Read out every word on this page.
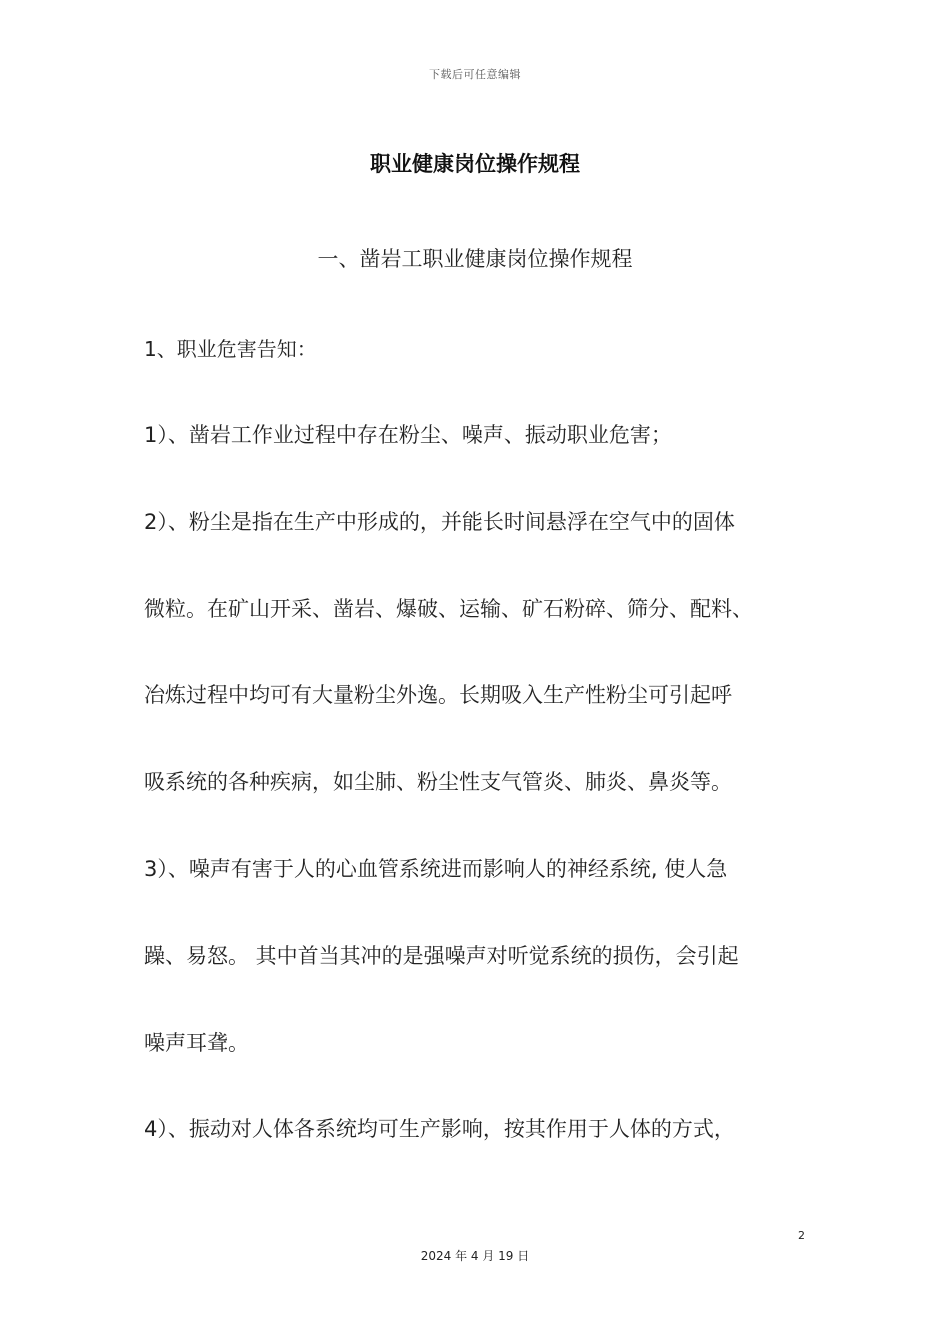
下载后可任意编辑
职业健康岗位操作规程
一、凿岩工职业健康岗位操作规程
1、职业危害告知：
1）、凿岩工作业过程中存在粉尘、噪声、振动职业危害；
2）、粉尘是指在生产中形成的，并能长时间悬浮在空气中的固体
微粒。在矿山开采、凿岩、爆破、运输、矿石粉碎、筛分、配料、
冶炼过程中均可有大量粉尘外逸。长期吸入生产性粉尘可引起呼
吸系统的各种疾病，如尘肺、粉尘性支气管炎、肺炎、鼻炎等。
3）、噪声有害于人的心血管系统进而影响人的神经系统, 使人急
躁、易怒。 其中首当其冲的是强噪声对听觉系统的损伤，会引起
噪声耳聋。
4）、振动对人体各系统均可生产影响，按其作用于人体的方式，
2
2024 年 4 月 19 日
